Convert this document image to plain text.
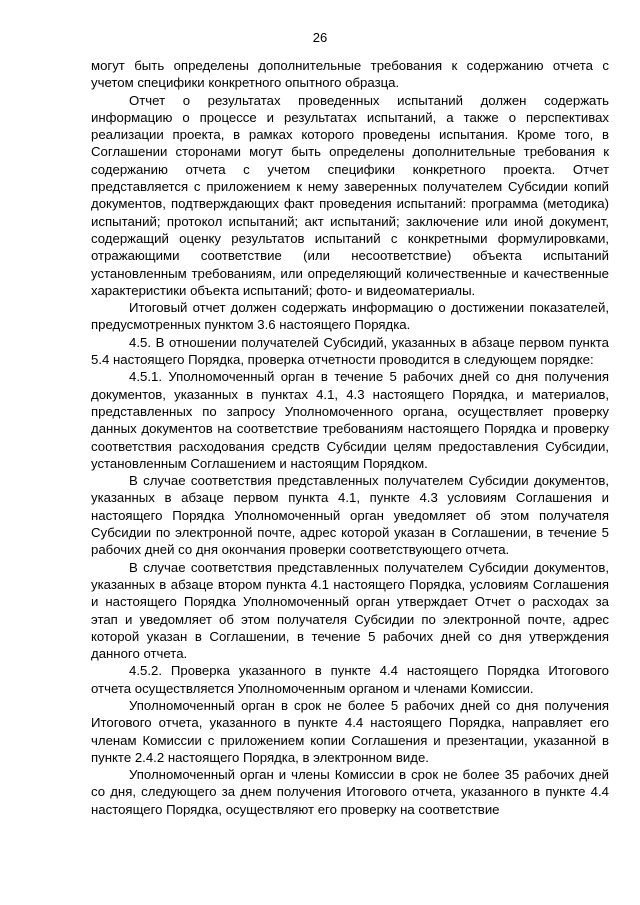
26

могут быть определены дополнительные требования к содержанию отчета с учетом специфики конкретного опытного образца.

Отчет о результатах проведенных испытаний должен содержать информацию о процессе и результатах испытаний, а также о перспективах реализации проекта, в рамках которого проведены испытания. Кроме того, в Соглашении сторонами могут быть определены дополнительные требования к содержанию отчета с учетом специфики конкретного проекта. Отчет представляется с приложением к нему заверенных получателем Субсидии копий документов, подтверждающих факт проведения испытаний: программа (методика) испытаний; протокол испытаний; акт испытаний; заключение или иной документ, содержащий оценку результатов испытаний с конкретными формулировками, отражающими соответствие (или несоответствие) объекта испытаний установленным требованиям, или определяющий количественные и качественные характеристики объекта испытаний; фото- и видеоматериалы.

Итоговый отчет должен содержать информацию о достижении показателей, предусмотренных пунктом 3.6 настоящего Порядка.

4.5. В отношении получателей Субсидий, указанных в абзаце первом пункта 5.4 настоящего Порядка, проверка отчетности проводится в следующем порядке:

4.5.1. Уполномоченный орган в течение 5 рабочих дней со дня получения документов, указанных в пунктах 4.1, 4.3 настоящего Порядка, и материалов, представленных по запросу Уполномоченного органа, осуществляет проверку данных документов на соответствие требованиям настоящего Порядка и проверку соответствия расходования средств Субсидии целям предоставления Субсидии, установленным Соглашением и настоящим Порядком.

В случае соответствия представленных получателем Субсидии документов, указанных в абзаце первом пункта 4.1, пункте 4.3 условиям Соглашения и настоящего Порядка Уполномоченный орган уведомляет об этом получателя Субсидии по электронной почте, адрес которой указан в Соглашении, в течение 5 рабочих дней со дня окончания проверки соответствующего отчета.

В случае соответствия представленных получателем Субсидии документов, указанных в абзаце втором пункта 4.1 настоящего Порядка, условиям Соглашения и настоящего Порядка Уполномоченный орган утверждает Отчет о расходах за этап и уведомляет об этом получателя Субсидии по электронной почте, адрес которой указан в Соглашении, в течение 5 рабочих дней со дня утверждения данного отчета.

4.5.2. Проверка указанного в пункте 4.4 настоящего Порядка Итогового отчета осуществляется Уполномоченным органом и членами Комиссии.

Уполномоченный орган в срок не более 5 рабочих дней со дня получения Итогового отчета, указанного в пункте 4.4 настоящего Порядка, направляет его членам Комиссии с приложением копии Соглашения и презентации, указанной в пункте 2.4.2 настоящего Порядка, в электронном виде.

Уполномоченный орган и члены Комиссии в срок не более 35 рабочих дней со дня, следующего за днем получения Итогового отчета, указанного в пункте 4.4 настоящего Порядка, осуществляют его проверку на соответствие
